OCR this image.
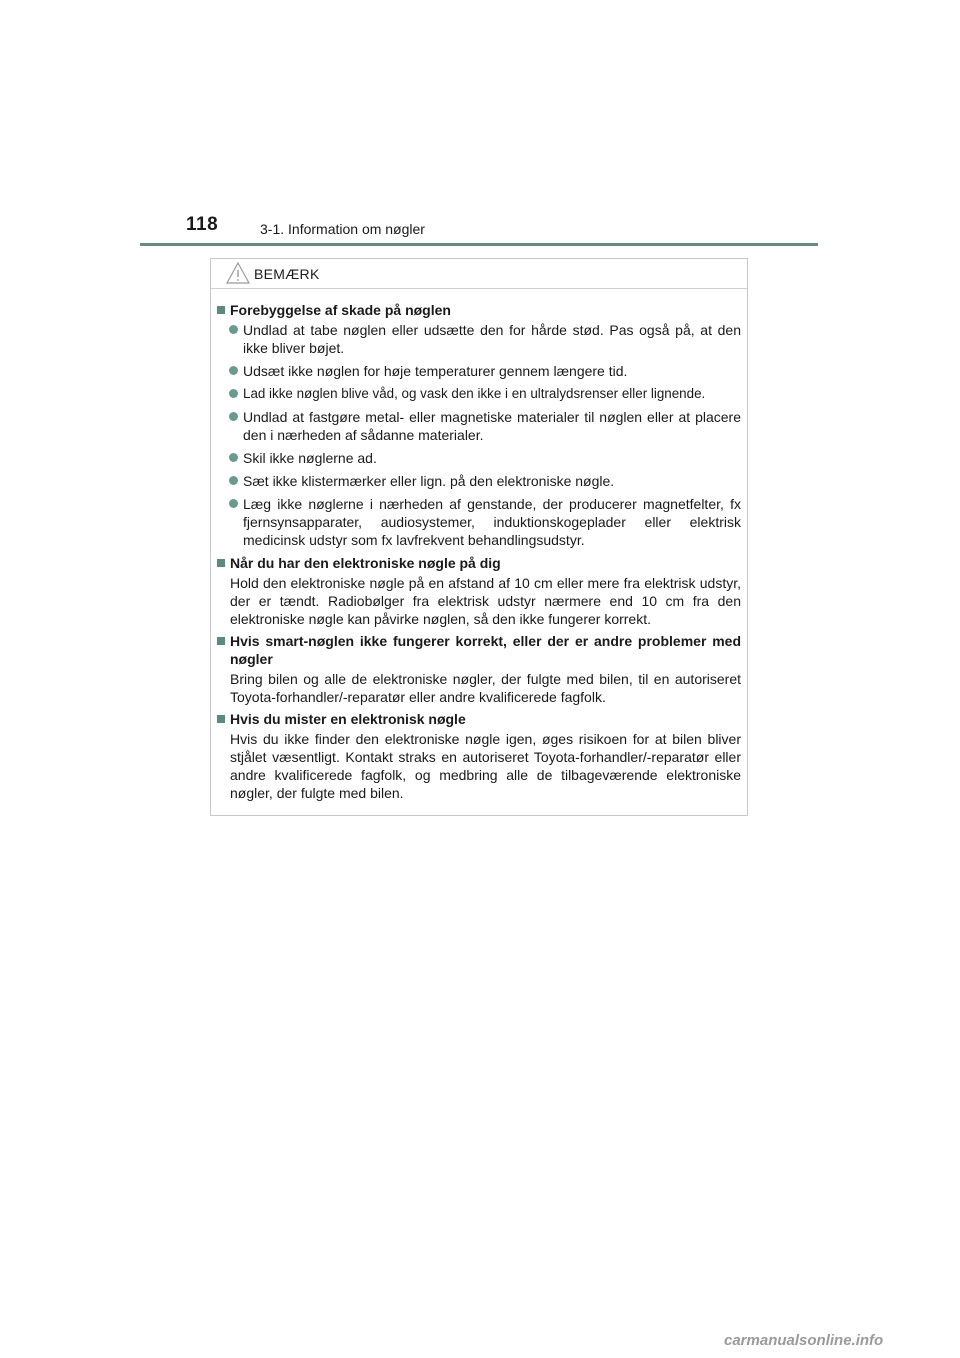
118	3-1. Information om nøgler
BEMÆRK
Forebyggelse af skade på nøglen
Undlad at tabe nøglen eller udsætte den for hårde stød. Pas også på, at den ikke bliver bøjet.
Udsæt ikke nøglen for høje temperaturer gennem længere tid.
Lad ikke nøglen blive våd, og vask den ikke i en ultralydsrenser eller lignende.
Undlad at fastgøre metal- eller magnetiske materialer til nøglen eller at placere den i nærheden af sådanne materialer.
Skil ikke nøglerne ad.
Sæt ikke klistermærker eller lign. på den elektroniske nøgle.
Læg ikke nøglerne i nærheden af genstande, der producerer magnetfelter, fx fjernsynsapparater, audiosystemer, induktionskogeplader eller elektrisk medicinsk udstyr som fx lavfrekvent behandlingsudstyr.
Når du har den elektroniske nøgle på dig

Hold den elektroniske nøgle på en afstand af 10 cm eller mere fra elektrisk udstyr, der er tændt. Radiobølger fra elektrisk udstyr nærmere end 10 cm fra den elektroniske nøgle kan påvirke nøglen, så den ikke fungerer korrekt.

Hvis smart-nøglen ikke fungerer korrekt, eller der er andre problemer med nøgler

Bring bilen og alle de elektroniske nøgler, der fulgte med bilen, til en autoriseret Toyota-forhandler/-reparatør eller andre kvalificerede fagfolk.

Hvis du mister en elektronisk nøgle

Hvis du ikke finder den elektroniske nøgle igen, øges risikoen for at bilen bliver stjålet væsentligt. Kontakt straks en autoriseret Toyota-forhandler/-reparatør eller andre kvalificerede fagfolk, og medbring alle de tilbageværende elektroniske nøgler, der fulgte med bilen.

carmanualsonline.info
